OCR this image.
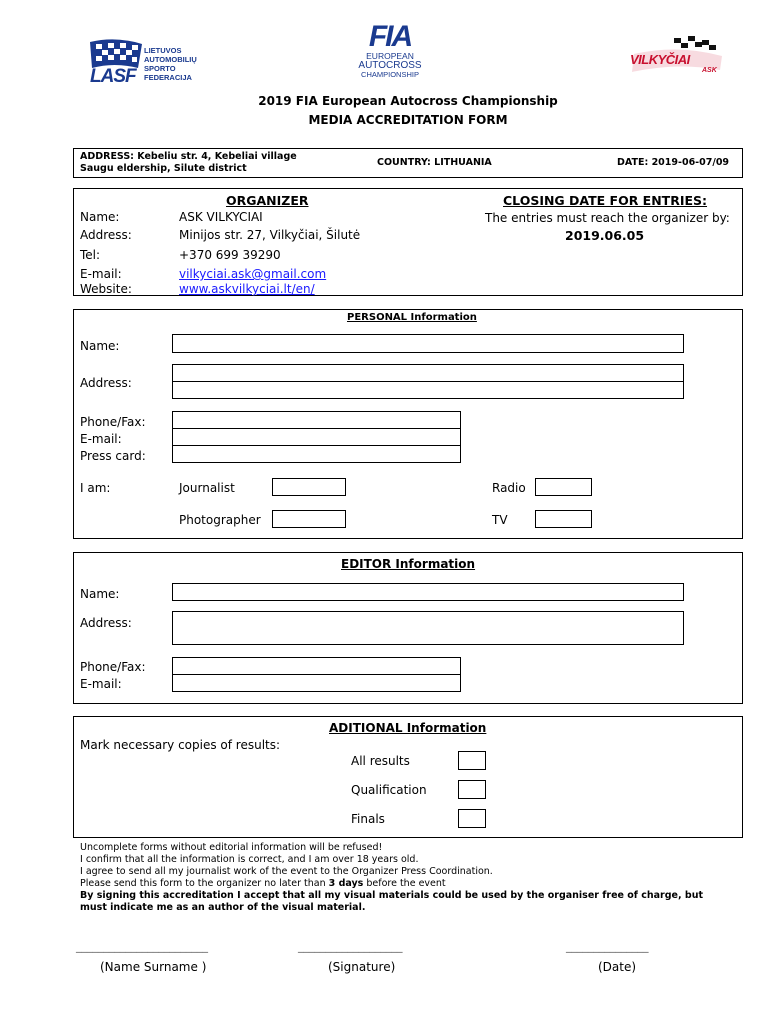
LASF
LIETUVOS
AUTOMOBILIŲ
SPORTO
FEDERACIJA
FIA
EUROPEAN
AUTOCROSS
CHAMPIONSHIP
VILKYČIAI
ASK
2019 FIA European Autocross Championship
MEDIA ACCREDITATION FORM
ADDRESS: Kebeliu str. 4, Kebeliai village
Saugu eldership, Silute district
COUNTRY: LITHUANIA	DATE: 2019-06-07/09
ORGANIZER
Name:	ASK VILKYCIAI
Address:	Minijos str. 27, Vilkyčiai, Šilutė
Tel:	+370 699 39290
E-mail:	vilkyciai.ask@gmail.com
Website:	www.askvilkyciai.lt/en/
CLOSING DATE FOR ENTRIES:
The entries must reach the organizer by:
2019.06.05
PERSONAL Information
Name:
Address:
Phone/Fax:
E-mail:
Press card:
I am:	Journalist	Radio
Photographer	TV
EDITOR Information
Name:
Address:
Phone/Fax:
E-mail:
ADITIONAL Information
Mark necessary copies of results:
All results
Qualification
Finals
Uncomplete forms without editorial information will be refused!
I confirm that all the information is correct, and I am over 18 years old.
I agree to send all my journalist work of the event to the Organizer Press Coordination.
Please send this form to the organizer no later than 3 days before the event
By signing this accreditation I accept that all my visual materials could be used by the organiser free of charge, but must indicate me as an author of the visual material.
________________________
(Name Surname )
___________________
(Signature)
_______________
(Date)
